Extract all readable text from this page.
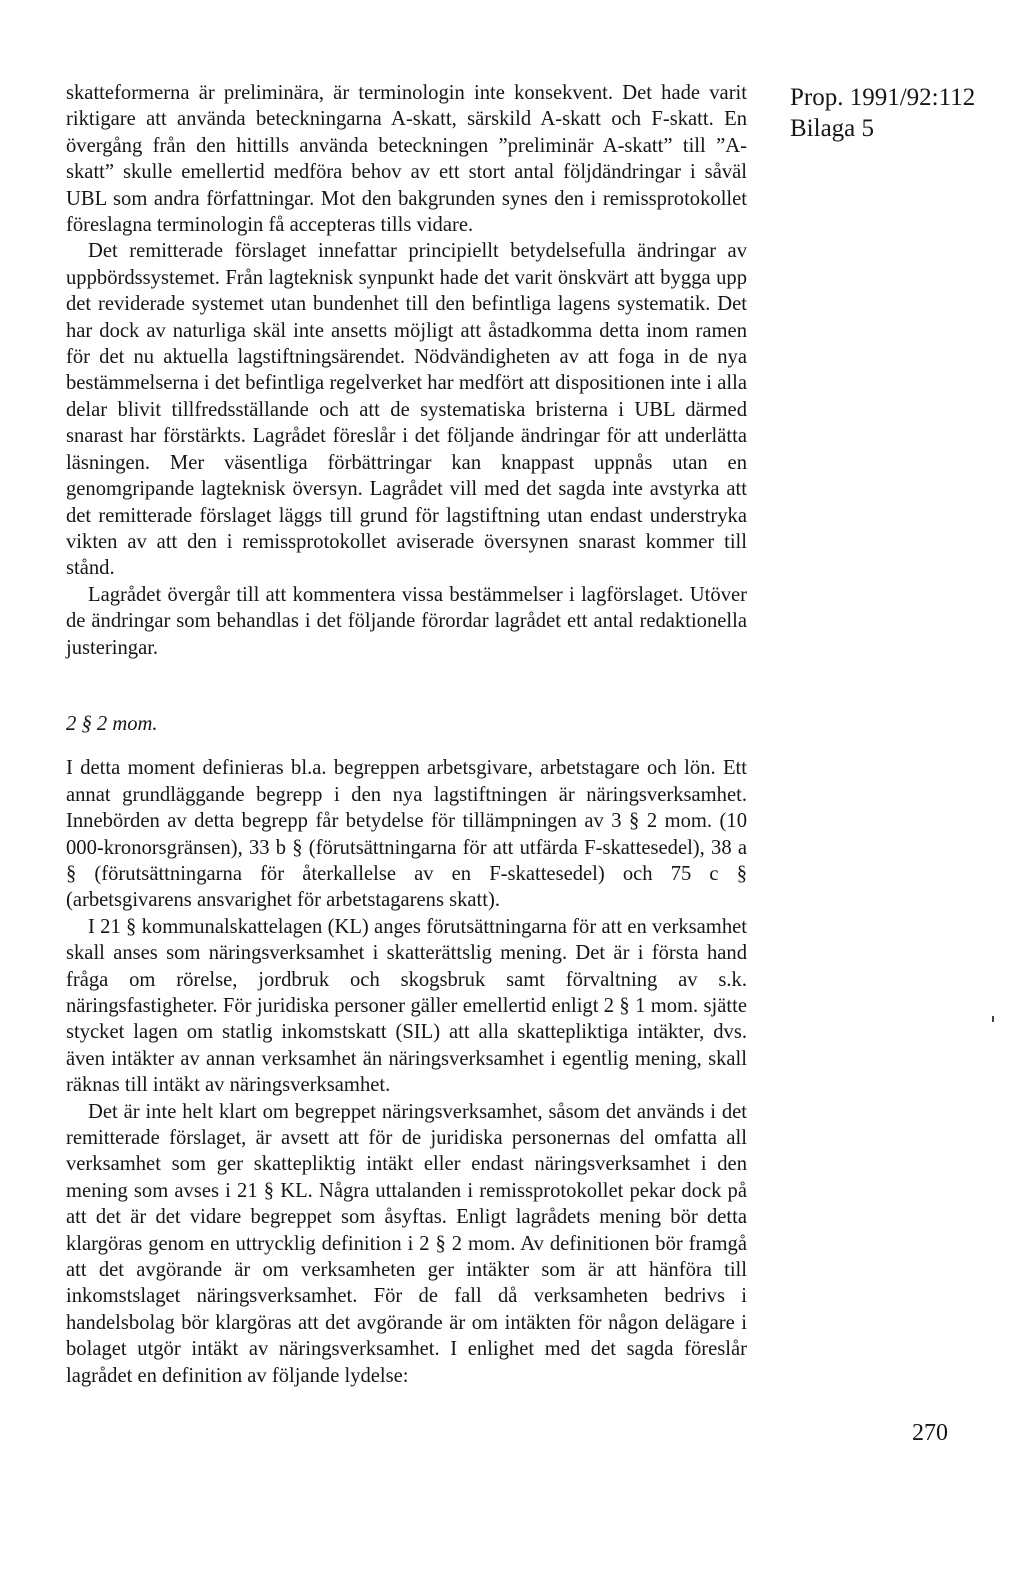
Prop. 1991/92:112
Bilaga 5

skatteformerna är preliminära, är terminologin inte konsekvent. Det hade varit riktigare att använda beteckningarna A-skatt, särskild A-skatt och F-skatt. En övergång från den hittills använda beteckningen ”preliminär A-skatt” till ”A-skatt” skulle emellertid medföra behov av ett stort antal följdändringar i såväl UBL som andra författningar. Mot den bakgrunden synes den i remissprotokollet föreslagna terminologin få accepteras tills vidare.

Det remitterade förslaget innefattar principiellt betydelsefulla ändringar av uppbördssystemet. Från lagteknisk synpunkt hade det varit önskvärt att bygga upp det reviderade systemet utan bundenhet till den befintliga lagens systematik. Det har dock av naturliga skäl inte ansetts möjligt att åstadkomma detta inom ramen för det nu aktuella lagstiftningsärendet. Nödvändigheten av att foga in de nya bestämmelserna i det befintliga regelverket har medfört att dispositionen inte i alla delar blivit tillfredsställande och att de systematiska bristerna i UBL därmed snarast har förstärkts. Lagrådet föreslår i det följande ändringar för att underlätta läsningen. Mer väsentliga förbättringar kan knappast uppnås utan en genomgripande lagteknisk översyn. Lagrådet vill med det sagda inte avstyrka att det remitterade förslaget läggs till grund för lagstiftning utan endast understryka vikten av att den i remissprotokollet aviserade översynen snarast kommer till stånd.

Lagrådet övergår till att kommentera vissa bestämmelser i lagförslaget. Utöver de ändringar som behandlas i det följande förordar lagrådet ett antal redaktionella justeringar.

2 § 2 mom.

I detta moment definieras bl.a. begreppen arbetsgivare, arbetstagare och lön. Ett annat grundläggande begrepp i den nya lagstiftningen är näringsverksamhet. Innebörden av detta begrepp får betydelse för tillämpningen av 3 § 2 mom. (10 000-kronorsgränsen), 33 b § (förutsättningarna för att utfärda F-skattesedel), 38 a § (förutsättningarna för återkallelse av en F-skattesedel) och 75 c § (arbetsgivarens ansvarighet för arbetstagarens skatt).

I 21 § kommunalskattelagen (KL) anges förutsättningarna för att en verksamhet skall anses som näringsverksamhet i skatterättslig mening. Det är i första hand fråga om rörelse, jordbruk och skogsbruk samt förvaltning av s.k. näringsfastigheter. För juridiska personer gäller emellertid enligt 2 § 1 mom. sjätte stycket lagen om statlig inkomstskatt (SIL) att alla skattepliktiga intäkter, dvs. även intäkter av annan verksamhet än näringsverksamhet i egentlig mening, skall räknas till intäkt av näringsverksamhet.

Det är inte helt klart om begreppet näringsverksamhet, såsom det används i det remitterade förslaget, är avsett att för de juridiska personernas del omfatta all verksamhet som ger skattepliktig intäkt eller endast näringsverksamhet i den mening som avses i 21 § KL. Några uttalanden i remissprotokollet pekar dock på att det är det vidare begreppet som åsyftas. Enligt lagrådets mening bör detta klargöras genom en uttrycklig definition i 2 § 2 mom. Av definitionen bör framgå att det avgörande är om verksamheten ger intäkter som är att hänföra till inkomstslaget näringsverksamhet. För de fall då verksamheten bedrivs i handelsbolag bör klargöras att det avgörande är om intäkten för någon delägare i bolaget utgör intäkt av näringsverksamhet. I enlighet med det sagda föreslår lagrådet en definition av följande lydelse:

270
